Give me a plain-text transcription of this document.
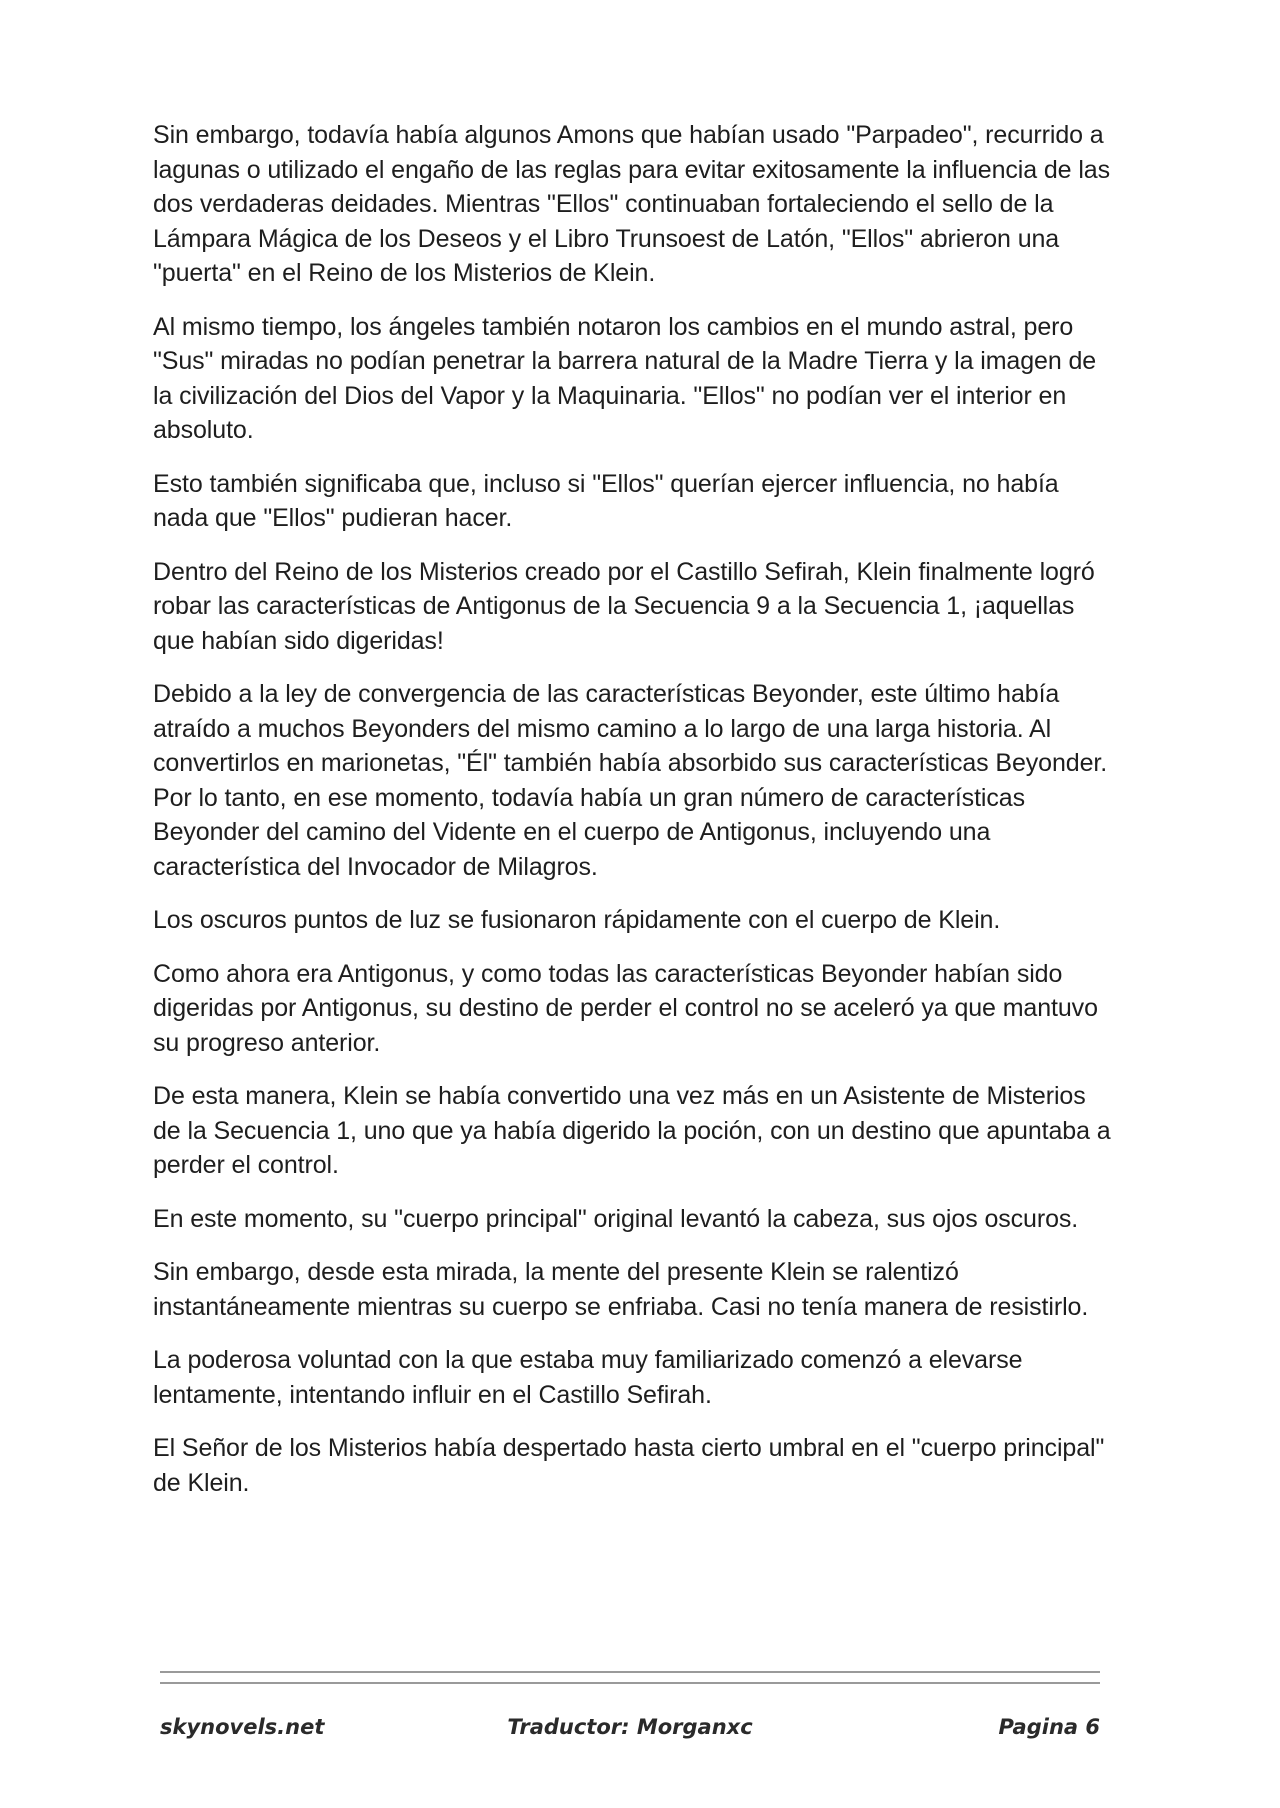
Sin embargo, todavía había algunos Amons que habían usado "Parpadeo", recurrido a lagunas o utilizado el engaño de las reglas para evitar exitosamente la influencia de las dos verdaderas deidades. Mientras "Ellos" continuaban fortaleciendo el sello de la Lámpara Mágica de los Deseos y el Libro Trunsoest de Latón, "Ellos" abrieron una "puerta" en el Reino de los Misterios de Klein.

Al mismo tiempo, los ángeles también notaron los cambios en el mundo astral, pero "Sus" miradas no podían penetrar la barrera natural de la Madre Tierra y la imagen de la civilización del Dios del Vapor y la Maquinaria. "Ellos" no podían ver el interior en absoluto.

Esto también significaba que, incluso si "Ellos" querían ejercer influencia, no había nada que "Ellos" pudieran hacer.

Dentro del Reino de los Misterios creado por el Castillo Sefirah, Klein finalmente logró robar las características de Antigonus de la Secuencia 9 a la Secuencia 1, ¡aquellas que habían sido digeridas!

Debido a la ley de convergencia de las características Beyonder, este último había atraído a muchos Beyonders del mismo camino a lo largo de una larga historia. Al convertirlos en marionetas, "Él" también había absorbido sus características Beyonder. Por lo tanto, en ese momento, todavía había un gran número de características Beyonder del camino del Vidente en el cuerpo de Antigonus, incluyendo una característica del Invocador de Milagros.

Los oscuros puntos de luz se fusionaron rápidamente con el cuerpo de Klein.

Como ahora era Antigonus, y como todas las características Beyonder habían sido digeridas por Antigonus, su destino de perder el control no se aceleró ya que mantuvo su progreso anterior.

De esta manera, Klein se había convertido una vez más en un Asistente de Misterios de la Secuencia 1, uno que ya había digerido la poción, con un destino que apuntaba a perder el control.

En este momento, su "cuerpo principal" original levantó la cabeza, sus ojos oscuros.

Sin embargo, desde esta mirada, la mente del presente Klein se ralentizó instantáneamente mientras su cuerpo se enfriaba. Casi no tenía manera de resistirlo.

La poderosa voluntad con la que estaba muy familiarizado comenzó a elevarse lentamente, intentando influir en el Castillo Sefirah.

El Señor de los Misterios había despertado hasta cierto umbral en el "cuerpo principal" de Klein.

skynovels.net	Traductor: Morganxc	Pagina 6
